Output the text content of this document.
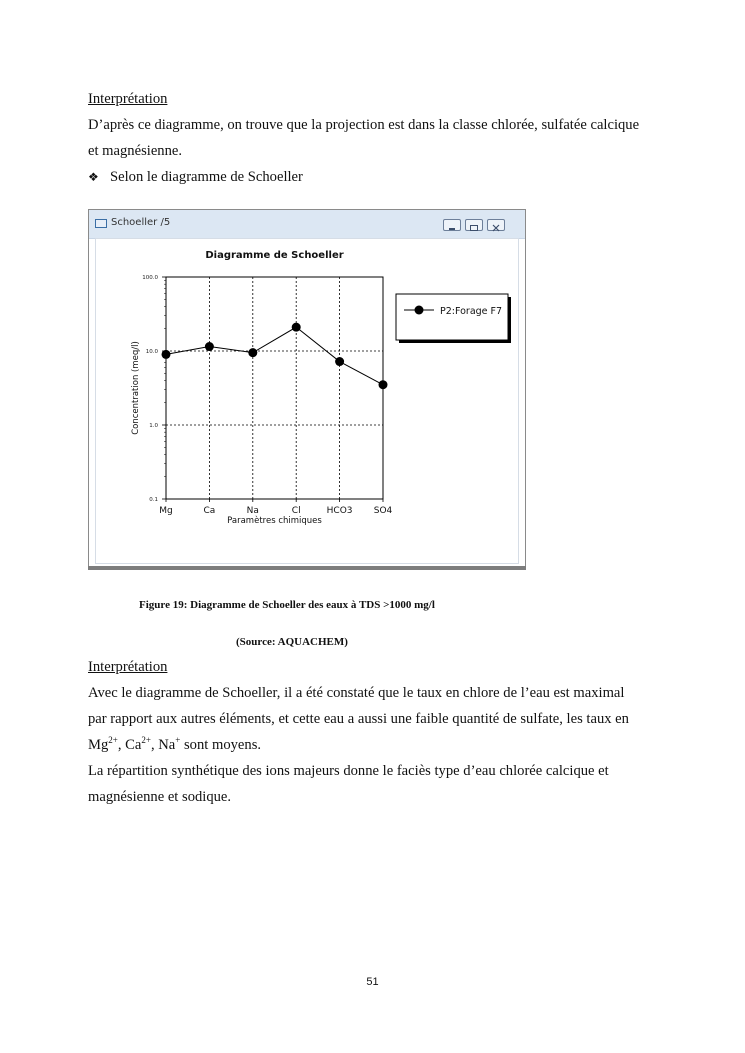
Interprétation

D’après ce diagramme, on trouve que la projection est dans la classe chlorée, sulfatée calcique

et magnésienne.

❖ Selon le diagramme de Schoeller

Schoeller /5
Diagramme de Schoeller
0.1
1.0
10.0
100.0
Mg	Ca	Na	Cl	HCO3 SO4
Paramètres chimiques
Concentration (meq/l)
P2:Forage F7
Figure 19: Diagramme de Schoeller des eaux à TDS >1000 mg/l
(Source: AQUACHEM)

Interprétation

Avec le diagramme de Schoeller, il a été constaté que le taux en chlore de l’eau est maximal

par rapport aux autres éléments, et cette eau a aussi une faible quantité de sulfate, les taux en

$Mg^{2+}$, $Ca^{2+}$, Na+ sont moyens.

La répartition synthétique des ions majeurs donne le faciès type d’eau chlorée calcique et

magnésienne et sodique.

51
